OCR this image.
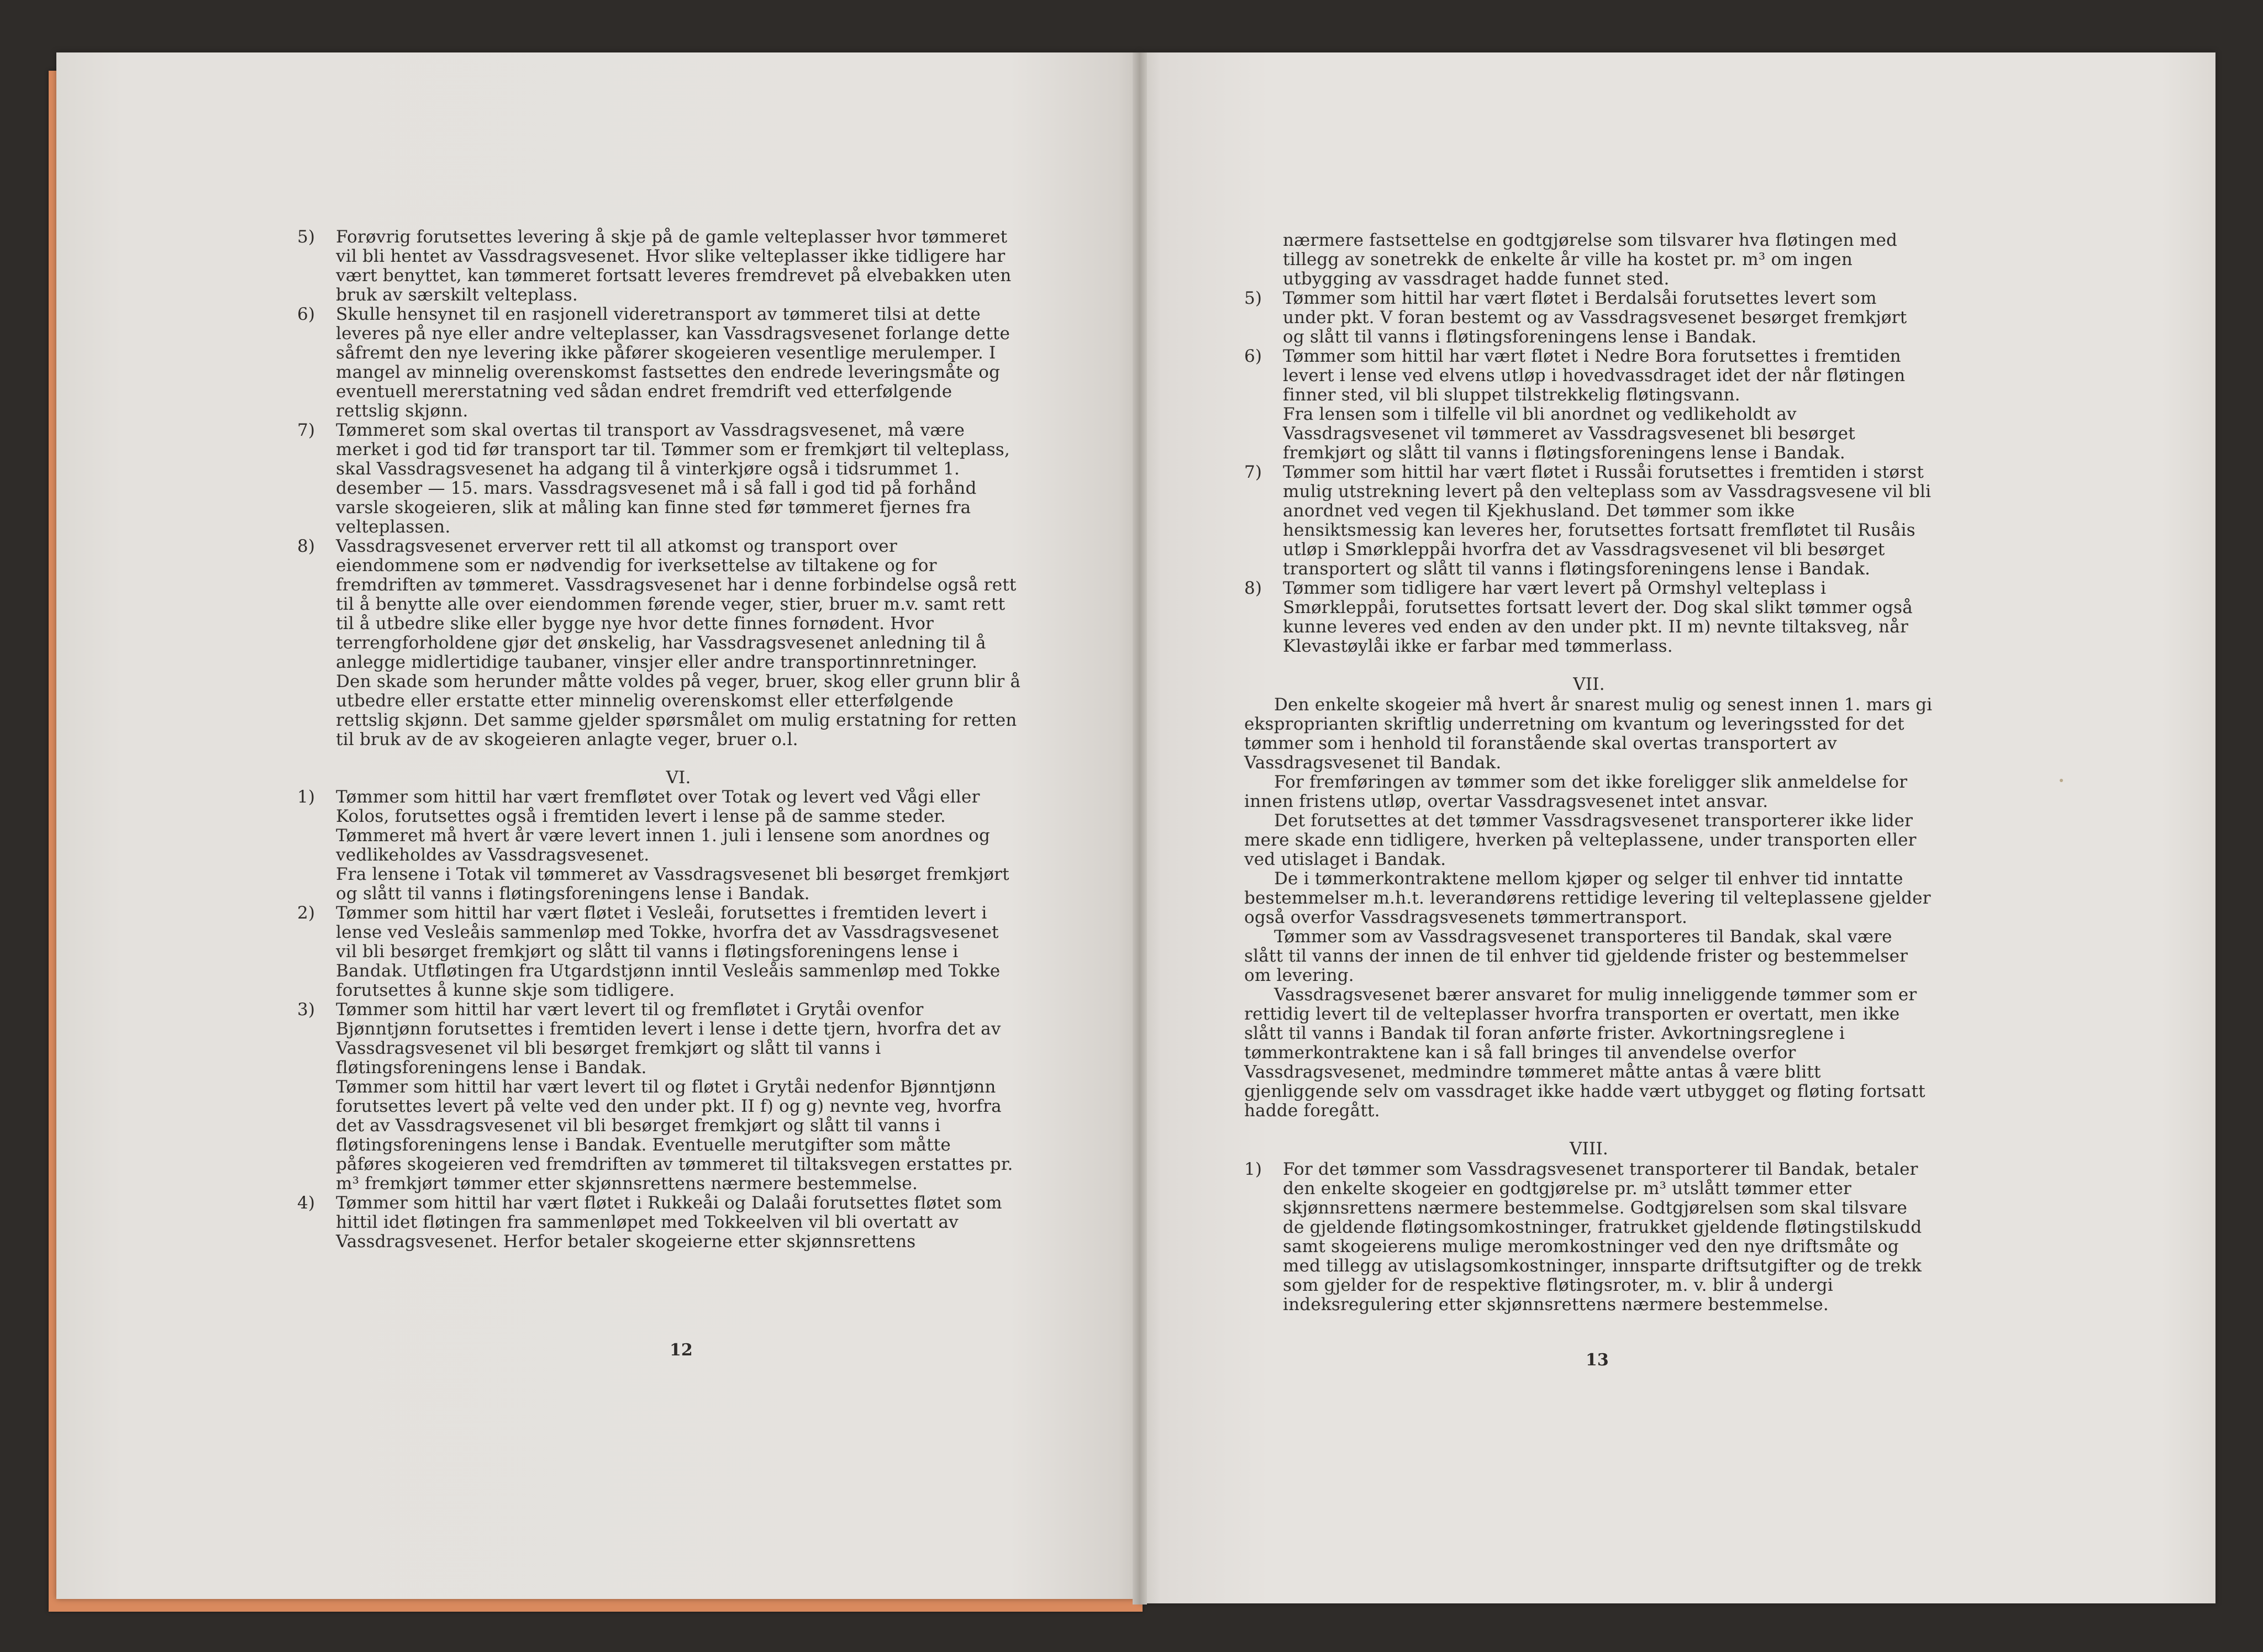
5) Forøvrig forutsettes levering å skje på de gamle velteplasser hvor tømmeret vil bli hentet av Vassdragsvesenet. Hvor slike velteplasser ikke tidligere har vært benyttet, kan tømmeret fortsatt leveres fremdrevet på elvebakken uten bruk av særskilt velteplass.
6) Skulle hensynet til en rasjonell videretransport av tømmeret tilsi at dette leveres på nye eller andre velteplasser, kan Vassdragsvesenet forlange dette såfremt den nye levering ikke påfører skogeieren vesentlige merulemper. I mangel av minnelig overenskomst fastsettes den endrede leveringsmåte og eventuell mererstatning ved sådan endret fremdrift ved etterfølgende rettslig skjønn.
7) Tømmeret som skal overtas til transport av Vassdragsvesenet, må være merket i god tid før transport tar til. Tømmer som er fremkjørt til velteplass, skal Vassdragsvesenet ha adgang til å vinterkjøre også i tidsrummet 1. desember — 15. mars. Vassdragsvesenet må i så fall i god tid på forhånd varsle skogeieren, slik at måling kan finne sted før tømmeret fjernes fra velteplassen.
8) Vassdragsvesenet erverver rett til all atkomst og transport over eiendommene som er nødvendig for iverksettelse av tiltakene og for fremdriften av tømmeret. Vassdragsvesenet har i denne forbindelse også rett til å benytte alle over eiendommen førende veger, stier, bruer m.v. samt rett til å utbedre slike eller bygge nye hvor dette finnes fornødent. Hvor terrengforholdene gjør det ønskelig, har Vassdragsvesenet anledning til å anlegge midlertidige taubaner, vinsjer eller andre transportinnretninger.

Den skade som herunder måtte voldes på veger, bruer, skog eller grunn blir å utbedre eller erstatte etter minnelig overenskomst eller etterfølgende rettslig skjønn. Det samme gjelder spørsmålet om mulig erstatning for retten til bruk av de av skogeieren anlagte veger, bruer o.l.

VI.

1) Tømmer som hittil har vært fremfløtet over Totak og levert ved Vågi eller Kolos, forutsettes også i fremtiden levert i lense på de samme steder. Tømmeret må hvert år være levert innen 1. juli i lensene som anordnes og vedlikeholdes av Vassdragsvesenet.

Fra lensene i Totak vil tømmeret av Vassdragsvesenet bli besørget fremkjørt og slått til vanns i fløtingsforeningens lense i Bandak.

2) Tømmer som hittil har vært fløtet i Vesleåi, forutsettes i fremtiden levert i lense ved Vesleåis sammenløp med Tokke, hvorfra det av Vassdragsvesenet vil bli besørget fremkjørt og slått til vanns i fløtingsforeningens lense i Bandak. Utfløtingen fra Utgardstjønn inntil Vesleåis sammenløp med Tokke forutsettes å kunne skje som tidligere.
3) Tømmer som hittil har vært levert til og fremfløtet i Grytåi ovenfor Bjønntjønn forutsettes i fremtiden levert i lense i dette tjern, hvorfra det av Vassdragsvesenet vil bli besørget fremkjørt og slått til vanns i fløtingsforeningens lense i Bandak.

Tømmer som hittil har vært levert til og fløtet i Grytåi nedenfor Bjønntjønn forutsettes levert på velte ved den under pkt. II f) og g) nevnte veg, hvorfra det av Vassdragsvesenet vil bli besørget fremkjørt og slått til vanns i fløtingsforeningens lense i Bandak. Eventuelle merutgifter som måtte påføres skogeieren ved fremdriften av tømmeret til tiltaksvegen erstattes pr. m³ fremkjørt tømmer etter skjønnsrettens nærmere bestemmelse.

4) Tømmer som hittil har vært fløtet i Rukkeåi og Dalaåi forutsettes fløtet som hittil idet fløtingen fra sammenløpet med Tokkeelven vil bli overtatt av Vassdragsvesenet. Herfor betaler skogeierne etter skjønnsrettens
12

nærmere fastsettelse en godtgjørelse som tilsvarer hva fløtingen med tillegg av sonetrekk de enkelte år ville ha kostet pr. m³ om ingen utbygging av vassdraget hadde funnet sted.

5) Tømmer som hittil har vært fløtet i Berdalsåi forutsettes levert som under pkt. V foran bestemt og av Vassdragsvesenet besørget fremkjørt og slått til vanns i fløtingsforeningens lense i Bandak.
6) Tømmer som hittil har vært fløtet i Nedre Bora forutsettes i fremtiden levert i lense ved elvens utløp i hovedvassdraget idet der når fløtingen finner sted, vil bli sluppet tilstrekkelig fløtingsvann.

Fra lensen som i tilfelle vil bli anordnet og vedlikeholdt av Vassdragsvesenet vil tømmeret av Vassdragsvesenet bli besørget fremkjørt og slått til vanns i fløtingsforeningens lense i Bandak.

7) Tømmer som hittil har vært fløtet i Russåi forutsettes i fremtiden i størst mulig utstrekning levert på den velteplass som av Vassdragsvesene vil bli anordnet ved vegen til Kjekhusland. Det tømmer som ikke hensiktsmessig kan leveres her, forutsettes fortsatt fremfløtet til Rusåis utløp i Smørkleppåi hvorfra det av Vassdragsvesenet vil bli besørget transportert og slått til vanns i fløtingsforeningens lense i Bandak.
8) Tømmer som tidligere har vært levert på Ormshyl velteplass i Smørkleppåi, forutsettes fortsatt levert der. Dog skal slikt tømmer også kunne leveres ved enden av den under pkt. II m) nevnte tiltaksveg, når Klevastøylåi ikke er farbar med tømmerlass.

VII.

Den enkelte skogeier må hvert år snarest mulig og senest innen 1. mars gi eksproprianten skriftlig underretning om kvantum og leveringssted for det tømmer som i henhold til foranstående skal overtas transportert av Vassdragsvesenet til Bandak.

For fremføringen av tømmer som det ikke foreligger slik anmeldelse for innen fristens utløp, overtar Vassdragsvesenet intet ansvar.

Det forutsettes at det tømmer Vassdragsvesenet transporterer ikke lider mere skade enn tidligere, hverken på velteplassene, under transporten eller ved utislaget i Bandak.

De i tømmerkontraktene mellom kjøper og selger til enhver tid inntatte bestemmelser m.h.t. leverandørens rettidige levering til velteplassene gjelder også overfor Vassdragsvesenets tømmertransport.

Tømmer som av Vassdragsvesenet transporteres til Bandak, skal være slått til vanns der innen de til enhver tid gjeldende frister og bestemmelser om levering.

Vassdragsvesenet bærer ansvaret for mulig inneliggende tømmer som er rettidig levert til de velteplasser hvorfra transporten er overtatt, men ikke slått til vanns i Bandak til foran anførte frister. Avkortningsreglene i tømmerkontraktene kan i så fall bringes til anvendelse overfor Vassdragsvesenet, medmindre tømmeret måtte antas å være blitt gjenliggende selv om vassdraget ikke hadde vært utbygget og fløting fortsatt hadde foregått.

VIII.

1) For det tømmer som Vassdragsvesenet transporterer til Bandak, betaler den enkelte skogeier en godtgjørelse pr. m³ utslått tømmer etter skjønnsrettens nærmere bestemmelse. Godtgjørelsen som skal tilsvare de gjeldende fløtingsomkostninger, fratrukket gjeldende fløtingstilskudd samt skogeierens mulige meromkostninger ved den nye driftsmåte og med tillegg av utislagsomkostninger, innsparte driftsutgifter og de trekk som gjelder for de respektive fløtingsroter, m. v. blir å undergi indeksregulering etter skjønnsrettens nærmere bestemmelse.
13
